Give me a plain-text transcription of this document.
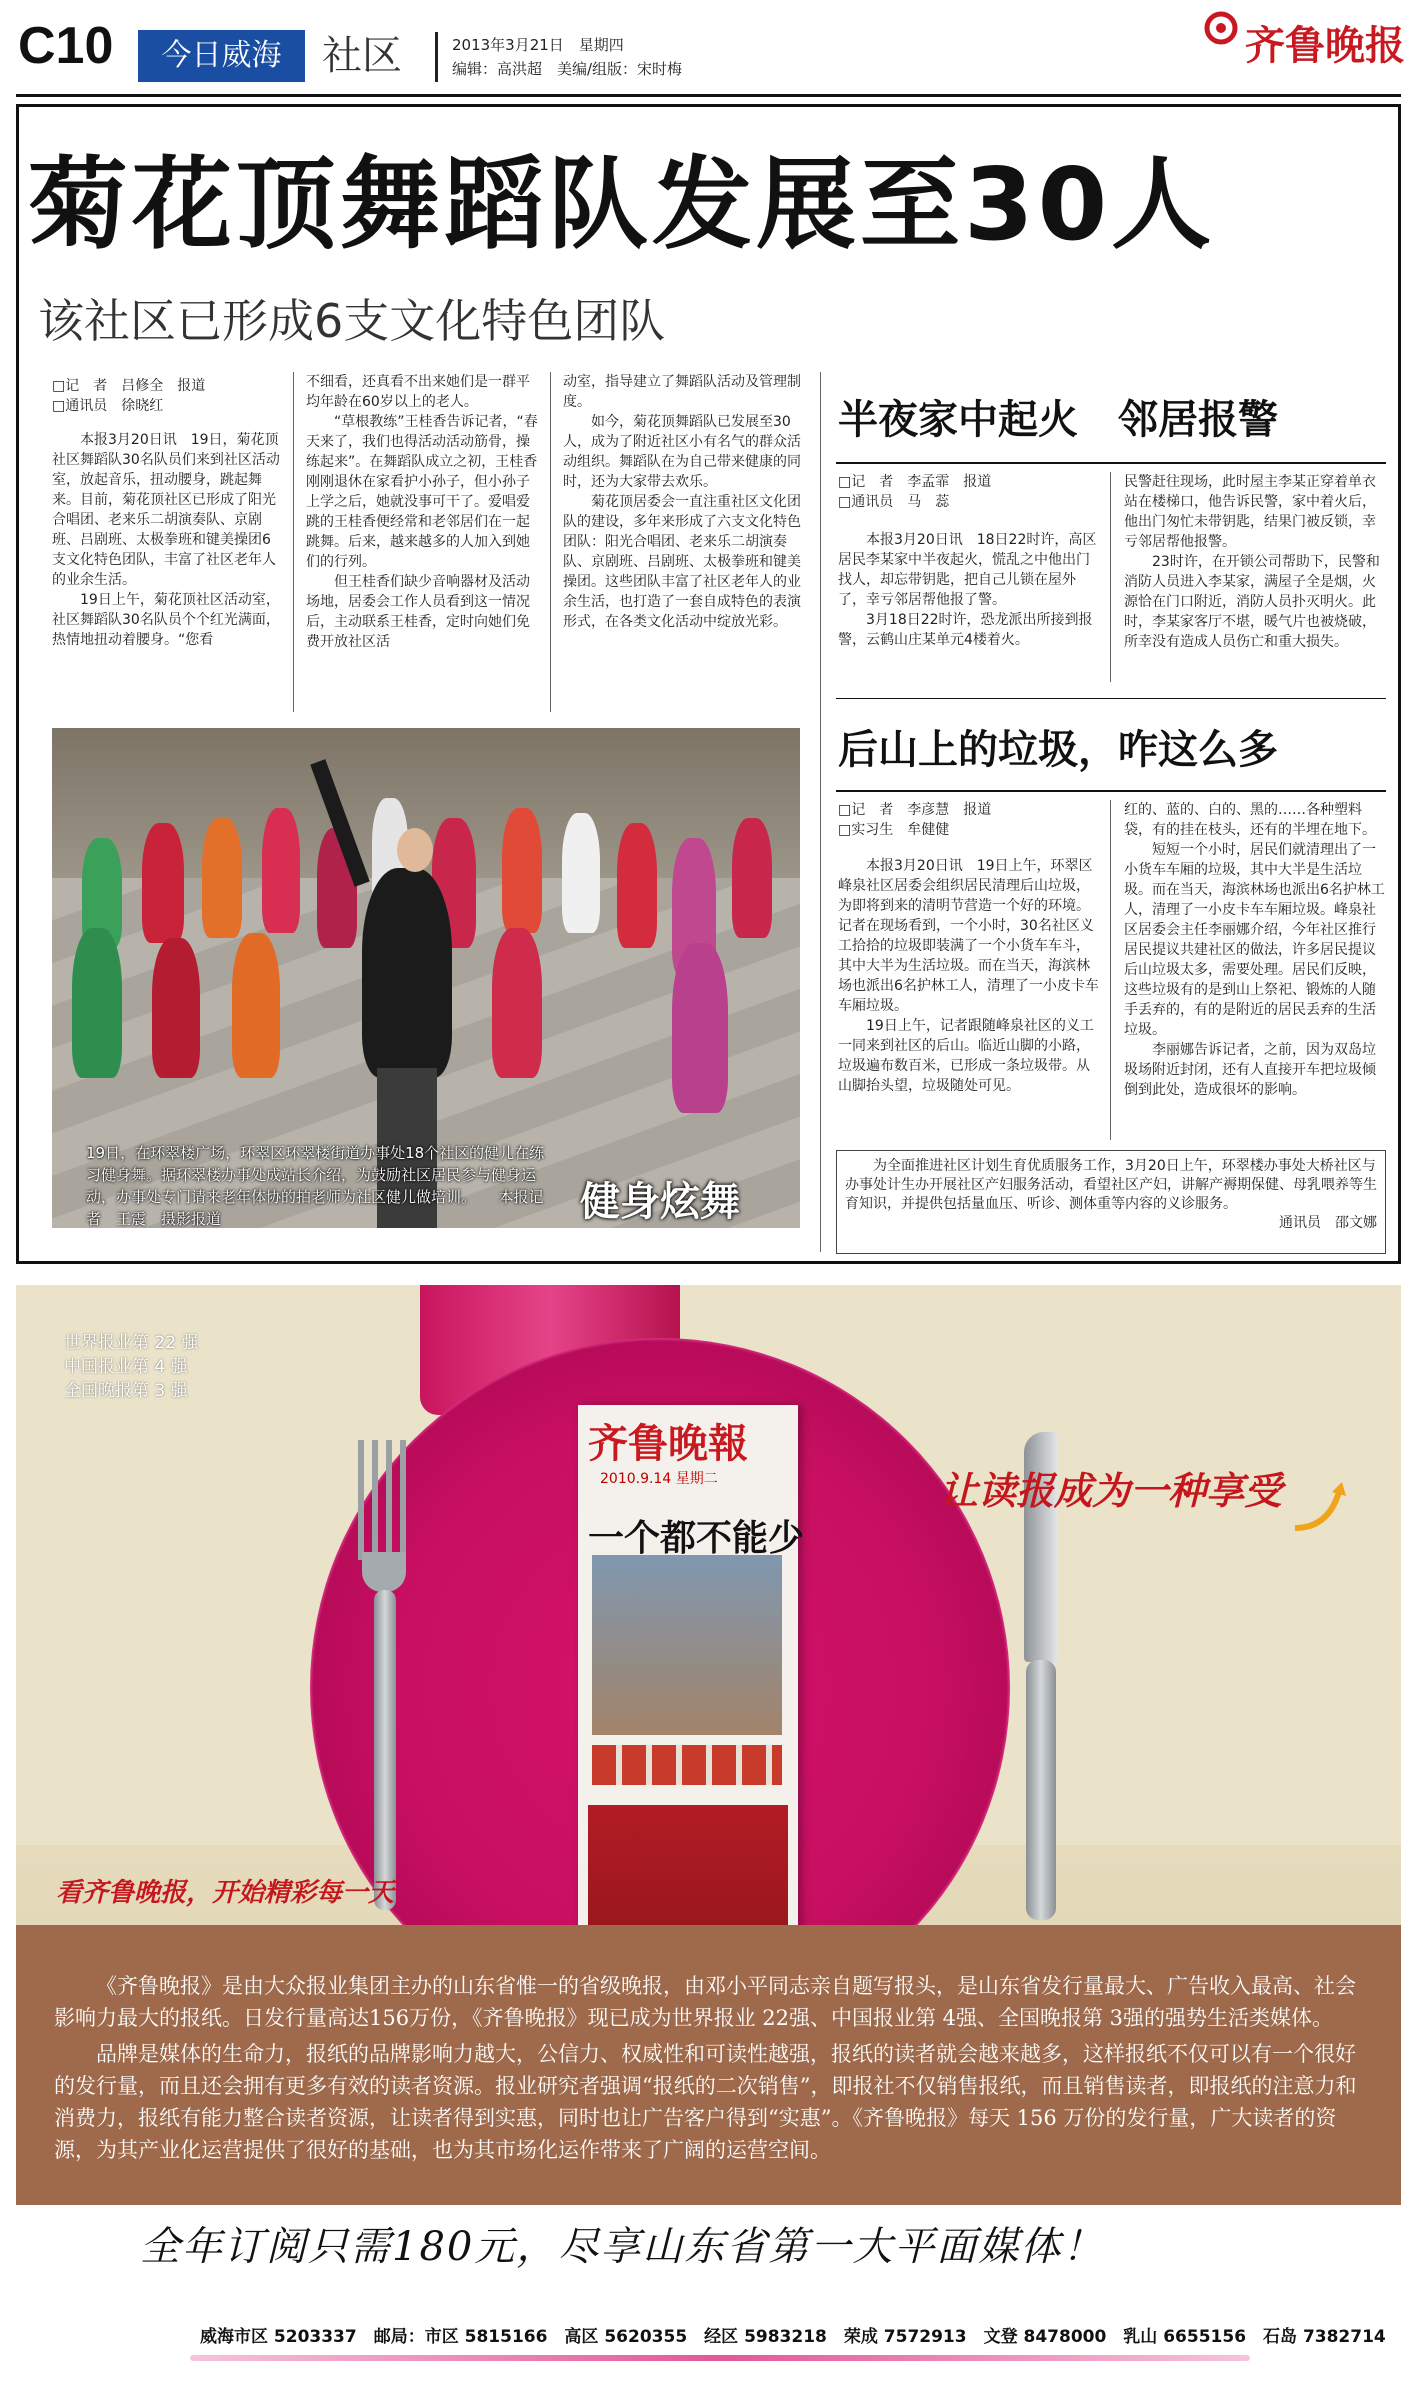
C10	今日威海	社区	2013年3月21日　星期四
编辑：高洪超　美编/组版：宋时梅	齐鲁晚报
菊花顶舞蹈队发展至30人
该社区已形成6支文化特色团队
□记　者　吕修全　报道
□通讯员　徐晓红

本报3月20日讯　19日，菊花顶社区舞蹈队30名队员们来到社区活动室，放起音乐，扭动腰身，跳起舞来。目前，菊花顶社区已形成了阳光合唱团、老来乐二胡演奏队、京剧班、吕剧班、太极拳班和键美操团6支文化特色团队，丰富了社区老年人的业余生活。

19日上午，菊花顶社区活动室，社区舞蹈队30名队员个个红光满面，热情地扭动着腰身。“您看

不细看，还真看不出来她们是一群平均年龄在60岁以上的老人。

“草根教练”王桂香告诉记者，“春天来了，我们也得活动活动筋骨，操练起来”。在舞蹈队成立之初，王桂香刚刚退休在家看护小孙子，但小孙子上学之后，她就没事可干了。爱唱爱跳的王桂香便经常和老邻居们在一起跳舞。后来，越来越多的人加入到她们的行列。

但王桂香们缺少音响器材及活动场地，居委会工作人员看到这一情况后，主动联系王桂香，定时向她们免费开放社区活

动室，指导建立了舞蹈队活动及管理制度。

如今，菊花顶舞蹈队已发展至30人，成为了附近社区小有名气的群众活动组织。舞蹈队在为自己带来健康的同时，还为大家带去欢乐。

菊花顶居委会一直注重社区文化团队的建设，多年来形成了六支文化特色团队：阳光合唱团、老来乐二胡演奏队、京剧班、吕剧班、太极拳班和键美操团。这些团队丰富了社区老年人的业余生活，也打造了一套自成特色的表演形式，在各类文化活动中绽放光彩。

19日，在环翠楼广场，环翠区环翠楼街道办事处18个社区的健儿在练习健身舞。据环翠楼办事处成站长介绍，为鼓励社区居民参与健身运动，办事处专门请来老年体协的拍老师为社区健儿做培训。　　本报记者　王震　摄影报道	健身炫舞
半夜家中起火　邻居报警
□记　者　李孟霏　报道
□通讯员　马　蕊

本报3月20日讯　18日22时许，高区居民李某家中半夜起火，慌乱之中他出门找人，却忘带钥匙，把自己儿锁在屋外了，幸亏邻居帮他报了警。

3月18日22时许，恐龙派出所接到报警，云鹤山庄某单元4楼着火。

民警赶往现场，此时屋主李某正穿着单衣站在楼梯口，他告诉民警，家中着火后，他出门匆忙未带钥匙，结果门被反锁，幸亏邻居帮他报警。

23时许，在开锁公司帮助下，民警和消防人员进入李某家，满屋子全是烟，火源恰在门口附近，消防人员扑灭明火。此时，李某家客厅不堪，暖气片也被烧破，所幸没有造成人员伤亡和重大损失。

后山上的垃圾，咋这么多
□记　者　李彦慧　报道
□实习生　牟健健

本报3月20日讯　19日上午，环翠区峰泉社区居委会组织居民清理后山垃圾，为即将到来的清明节营造一个好的环境。记者在现场看到，一个小时，30名社区义工拾拾的垃圾即装满了一个小货车车斗，其中大半为生活垃圾。而在当天，海滨林场也派出6名护林工人，清理了一小皮卡车车厢垃圾。

19日上午，记者跟随峰泉社区的义工一同来到社区的后山。临近山脚的小路，垃圾遍布数百米，已形成一条垃圾带。从山脚抬头望，垃圾随处可见。

红的、蓝的、白的、黑的……各种塑料袋，有的挂在枝头，还有的半埋在地下。

短短一个小时，居民们就清理出了一小货车车厢的垃圾，其中大半是生活垃圾。而在当天，海滨林场也派出6名护林工人，清理了一小皮卡车车厢垃圾。峰泉社区居委会主任李丽娜介绍，今年社区推行居民提议共建社区的做法，许多居民提议后山垃圾太多，需要处理。居民们反映，这些垃圾有的是到山上祭祀、锻炼的人随手丢弃的，有的是附近的居民丢弃的生活垃圾。

李丽娜告诉记者，之前，因为双岛垃圾场附近封闭，还有人直接开车把垃圾倾倒到此处，造成很坏的影响。

为全面推进社区计划生育优质服务工作，3月20日上午，环翠楼办事处大桥社区与办事处计生办开展社区产妇服务活动，看望社区产妇，讲解产褥期保健、母乳喂养等生育知识，并提供包括量血压、听诊、测体重等内容的义诊服务。
通讯员　邵文娜
齐鲁晚報
2010.9.14 星期二
一个都不能少
世界报业第 22 强
中国报业第 4 强
全国晚报第 3 强
让读报成为一种享受
看齐鲁晚报，开始精彩每一天

《齐鲁晚报》是由大众报业集团主办的山东省惟一的省级晚报，由邓小平同志亲自题写报头，是山东省发行量最大、广告收入最高、社会影响力最大的报纸。日发行量高达156万份，《齐鲁晚报》现已成为世界报业 22强、中国报业第 4强、全国晚报第 3强的强势生活类媒体。

品牌是媒体的生命力，报纸的品牌影响力越大，公信力、权威性和可读性越强，报纸的读者就会越来越多，这样报纸不仅可以有一个很好的发行量，而且还会拥有更多有效的读者资源。报业研究者强调“报纸的二次销售”，即报社不仅销售报纸，而且销售读者，即报纸的注意力和消费力，报纸有能力整合读者资源，让读者得到实惠，同时也让广告客户得到“实惠”。《齐鲁晚报》每天 156 万份的发行量，广大读者的资源，为其产业化运营提供了很好的基础，也为其市场化运作带来了广阔的运营空间。

全年订阅只需180元，尽享山东省第一大平面媒体！
威海市区 5203337　邮局：市区 5815166　高区 5620355　经区 5983218　荣成 7572913　文登 8478000　乳山 6655156　石岛 7382714
